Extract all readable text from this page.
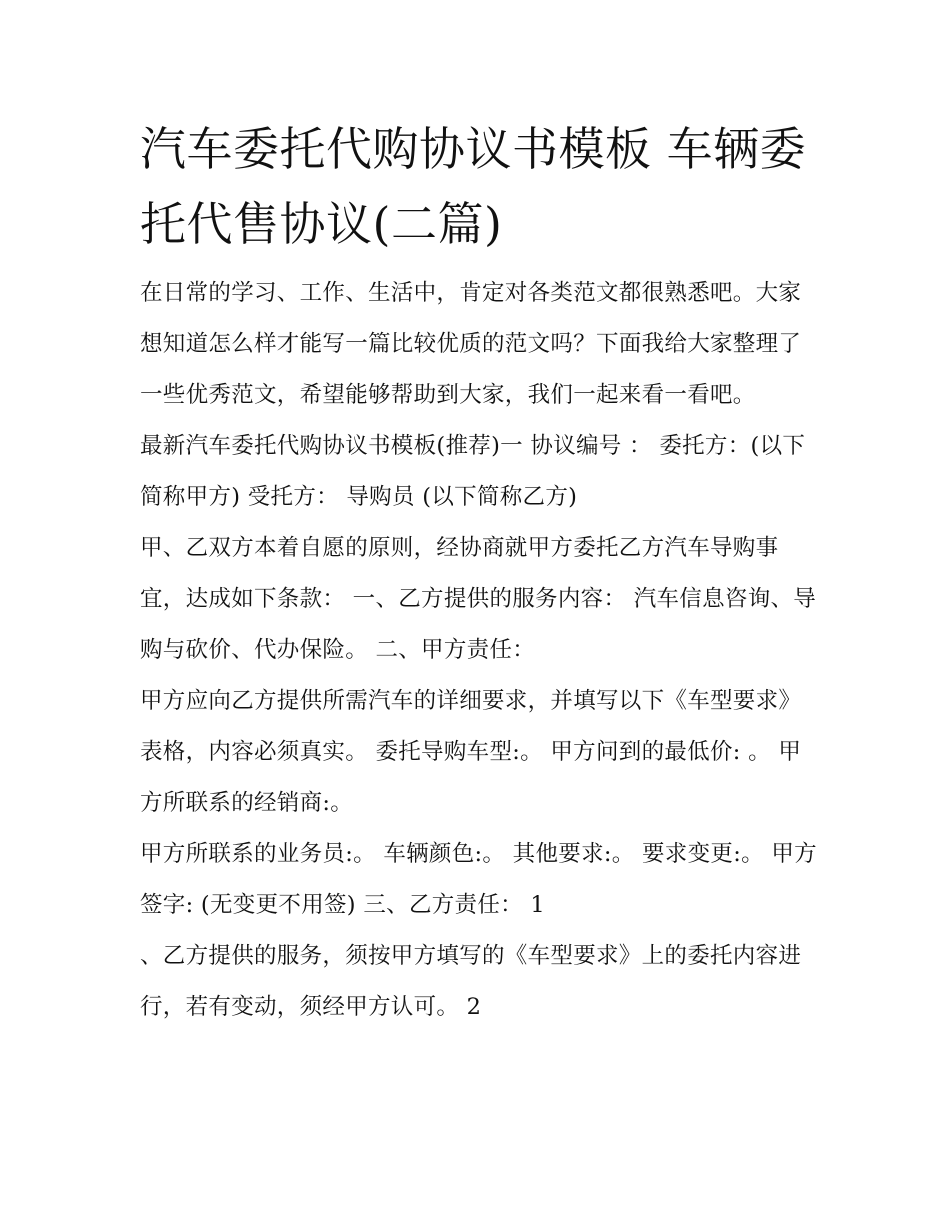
汽车委托代购协议书模板 车辆委托代售协议(二篇)

在日常的学习、工作、生活中，肯定对各类范文都很熟悉吧。大家想知道怎么样才能写一篇比较优质的范文吗？下面我给大家整理了一些优秀范文，希望能够帮助到大家，我们一起来看一看吧。

最新汽车委托代购协议书模板(推荐)一 协议编号 ： 委托方：(以下简称甲方) 受托方： 导购员 (以下简称乙方)

甲、乙双方本着自愿的原则，经协商就甲方委托乙方汽车导购事宜，达成如下条款： 一、乙方提供的服务内容： 汽车信息咨询、导购与砍价、代办保险。 二、甲方责任：

甲方应向乙方提供所需汽车的详细要求，并填写以下《车型要求》表格，内容必须真实。 委托导购车型:。 甲方问到的最低价: 。 甲方所联系的经销商:。

甲方所联系的业务员:。 车辆颜色:。 其他要求:。 要求变更:。 甲方签字: (无变更不用签) 三、乙方责任： 1

、乙方提供的服务，须按甲方填写的《车型要求》上的委托内容进行，若有变动，须经甲方认可。 2
